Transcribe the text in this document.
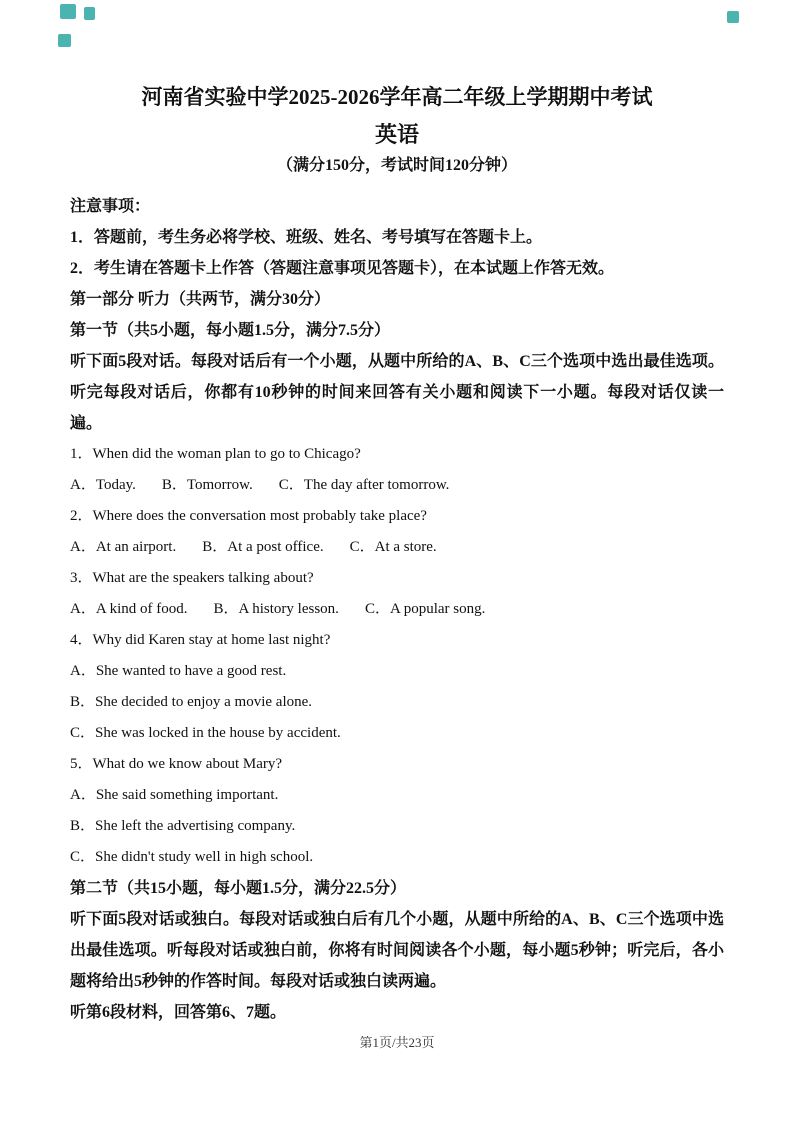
河南省实验中学2025-2026学年高二年级上学期期中考试
英语

（满分150分，考试时间120分钟）

注意事项：

1．答题前，考生务必将学校、班级、姓名、考号填写在答题卡上。

2．考生请在答题卡上作答（答题注意事项见答题卡），在本试题上作答无效。

第一部分 听力（共两节，满分30分）

第一节（共5小题，每小题1.5分，满分7.5分）

听下面5段对话。每段对话后有一个小题，从题中所给的A、B、C三个选项中选出最佳选项。听完每段对话后，你都有10秒钟的时间来回答有关小题和阅读下一小题。每段对话仅读一遍。

1．When did the woman plan to go to Chicago?

A．Today. B．Tomorrow. C．The day after tomorrow.

2．Where does the conversation most probably take place?

A．At an airport. B．At a post office. C．At a store.

3．What are the speakers talking about?

A．A kind of food. B．A history lesson. C．A popular song.

4．Why did Karen stay at home last night?

A．She wanted to have a good rest.

B．She decided to enjoy a movie alone.

C．She was locked in the house by accident.

5．What do we know about Mary?

A．She said something important.

B．She left the advertising company.

C．She didn't study well in high school.

第二节（共15小题，每小题1.5分，满分22.5分）

听下面5段对话或独白。每段对话或独白后有几个小题，从题中所给的A、B、C三个选项中选出最佳选项。听每段对话或独白前，你将有时间阅读各个小题，每小题5秒钟；听完后，各小题将给出5秒钟的作答时间。每段对话或独白读两遍。

听第6段材料，回答第6、7题。

第1页/共23页
